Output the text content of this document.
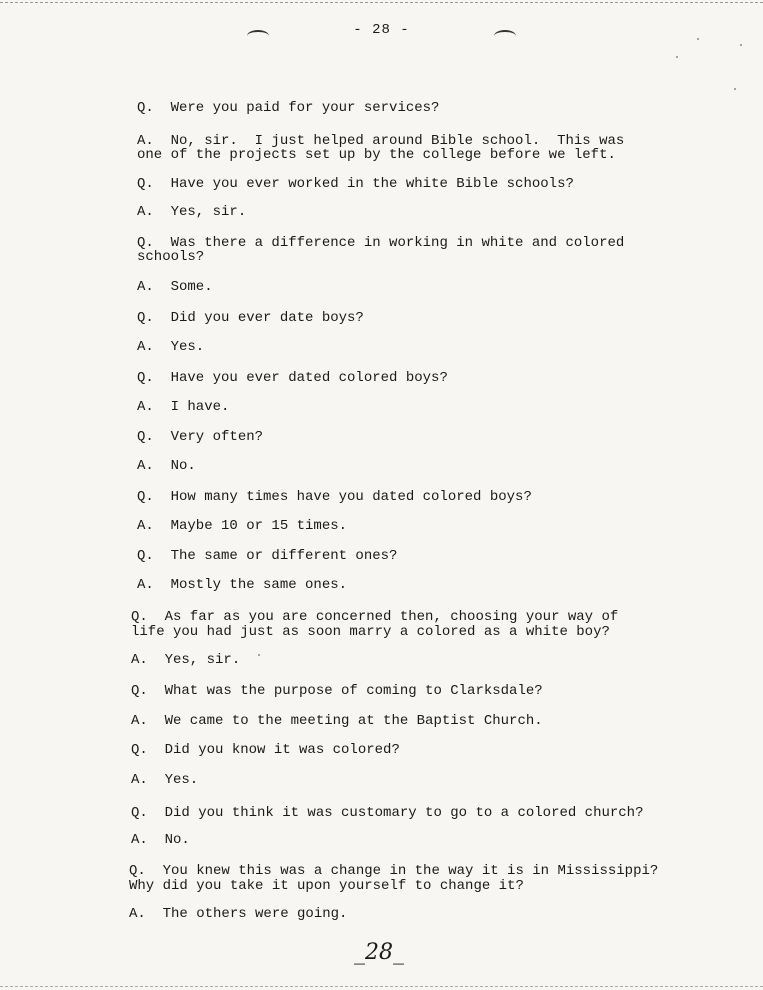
- 28 -
Q.  Were you paid for your services?
A.  No, sir.  I just helped around Bible school.  This was
one of the projects set up by the college before we left.
Q.  Have you ever worked in the white Bible schools?
A.  Yes, sir.
Q.  Was there a difference in working in white and colored
schools?
A.  Some.
Q.  Did you ever date boys?
A.  Yes.
Q.  Have you ever dated colored boys?
A.  I have.
Q.  Very often?
A.  No.
Q.  How many times have you dated colored boys?
A.  Maybe 10 or 15 times.
Q.  The same or different ones?
A.  Mostly the same ones.
Q.  As far as you are concerned then, choosing your way of
life you had just as soon marry a colored as a white boy?
A.  Yes, sir.
Q.  What was the purpose of coming to Clarksdale?
A.  We came to the meeting at the Baptist Church.
Q.  Did you know it was colored?
A.  Yes.
Q.  Did you think it was customary to go to a colored church?
A.  No.
Q.  You knew this was a change in the way it is in Mississippi?
Why did you take it upon yourself to change it?
A.  The others were going.
_28_
